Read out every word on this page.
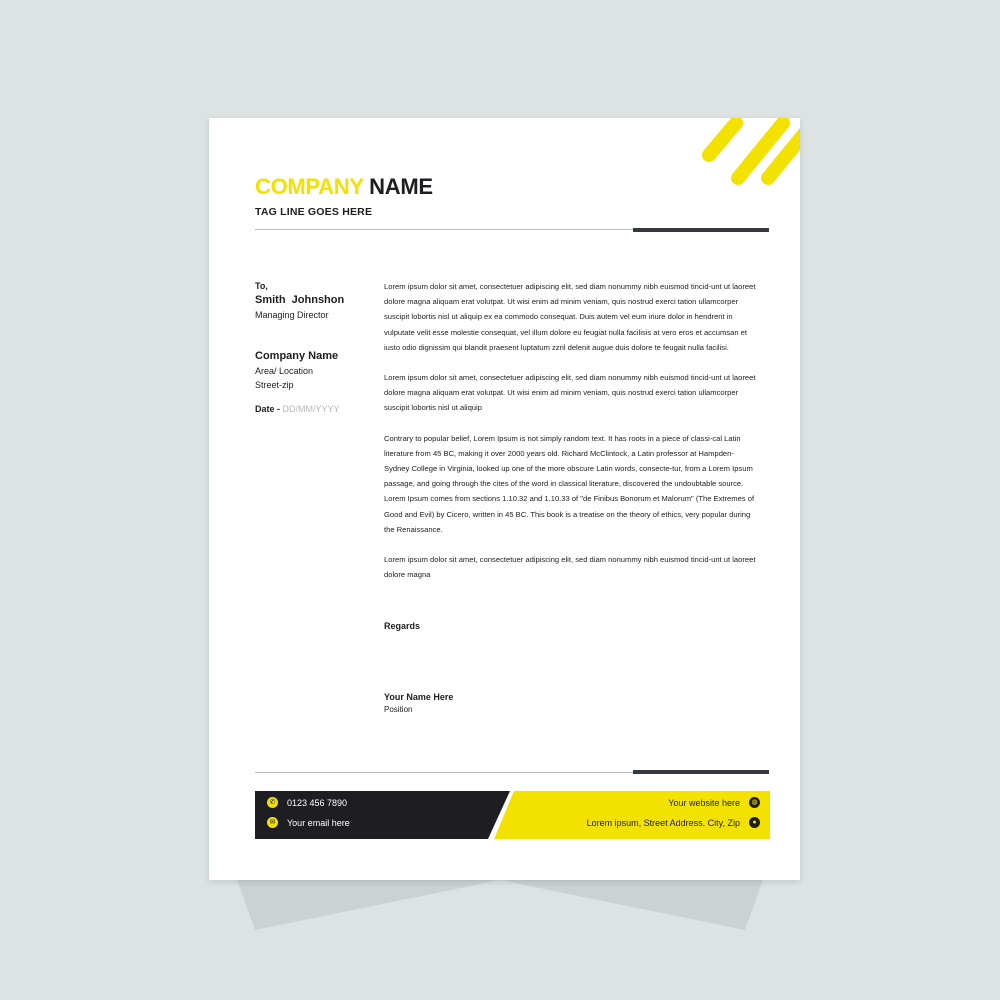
COMPANY NAME
TAG LINE GOES HERE
To,
Smith  Johnshon
Managing Director
Company Name
Area/ Location
Street-zip
Date - DD/MM/YYYY

Lorem ipsum dolor sit amet, consectetuer adipiscing elit, sed diam nonummy nibh euismod tincid-unt ut laoreet dolore magna aliquam erat volutpat. Ut wisi enim ad minim veniam, quis nostrud exerci tation ullamcorper suscipit lobortis nisl ut aliquip ex ea commodo consequat. Duis autem vel eum iriure dolor in hendrerit in vulputate velit esse molestie consequat, vel illum dolore eu feugiat nulla facilisis at vero eros et accumsan et iusto odio dignissim qui blandit praesent luptatum zzril delenit augue duis dolore te feugait nulla facilisi.

Lorem ipsum dolor sit amet, consectetuer adipiscing elit, sed diam nonummy nibh euismod tincid-unt ut laoreet dolore magna aliquam erat volutpat. Ut wisi enim ad minim veniam, quis nostrud exerci tation ullamcorper suscipit lobortis nisl ut aliquip

Contrary to popular belief, Lorem Ipsum is not simply random text. It has roots in a piece of classi-cal Latin literature from 45 BC, making it over 2000 years old. Richard McClintock, a Latin professor at Hampden-Sydney College in Virginia, looked up one of the more obscure Latin words, consecte-tur, from a Lorem Ipsum passage, and going through the cites of the word in classical literature, discovered the undoubtable source. Lorem Ipsum comes from sections 1.10.32 and 1.10.33 of "de Finibus Bonorum et Malorum" (The Extremes of Good and Evil) by Cicero, written in 45 BC. This book is a treatise on the theory of ethics, very popular during the Renaissance.

Lorem ipsum dolor sit amet, consectetuer adipiscing elit, sed diam nonummy nibh euismod tincid-unt ut laoreet dolore magna

Regards
Your Name Here
Position
✆ 0123 456 7890
✉ Your email here
Your website here	◍
Lorem ipsum, Street Address. City, Zip	●
